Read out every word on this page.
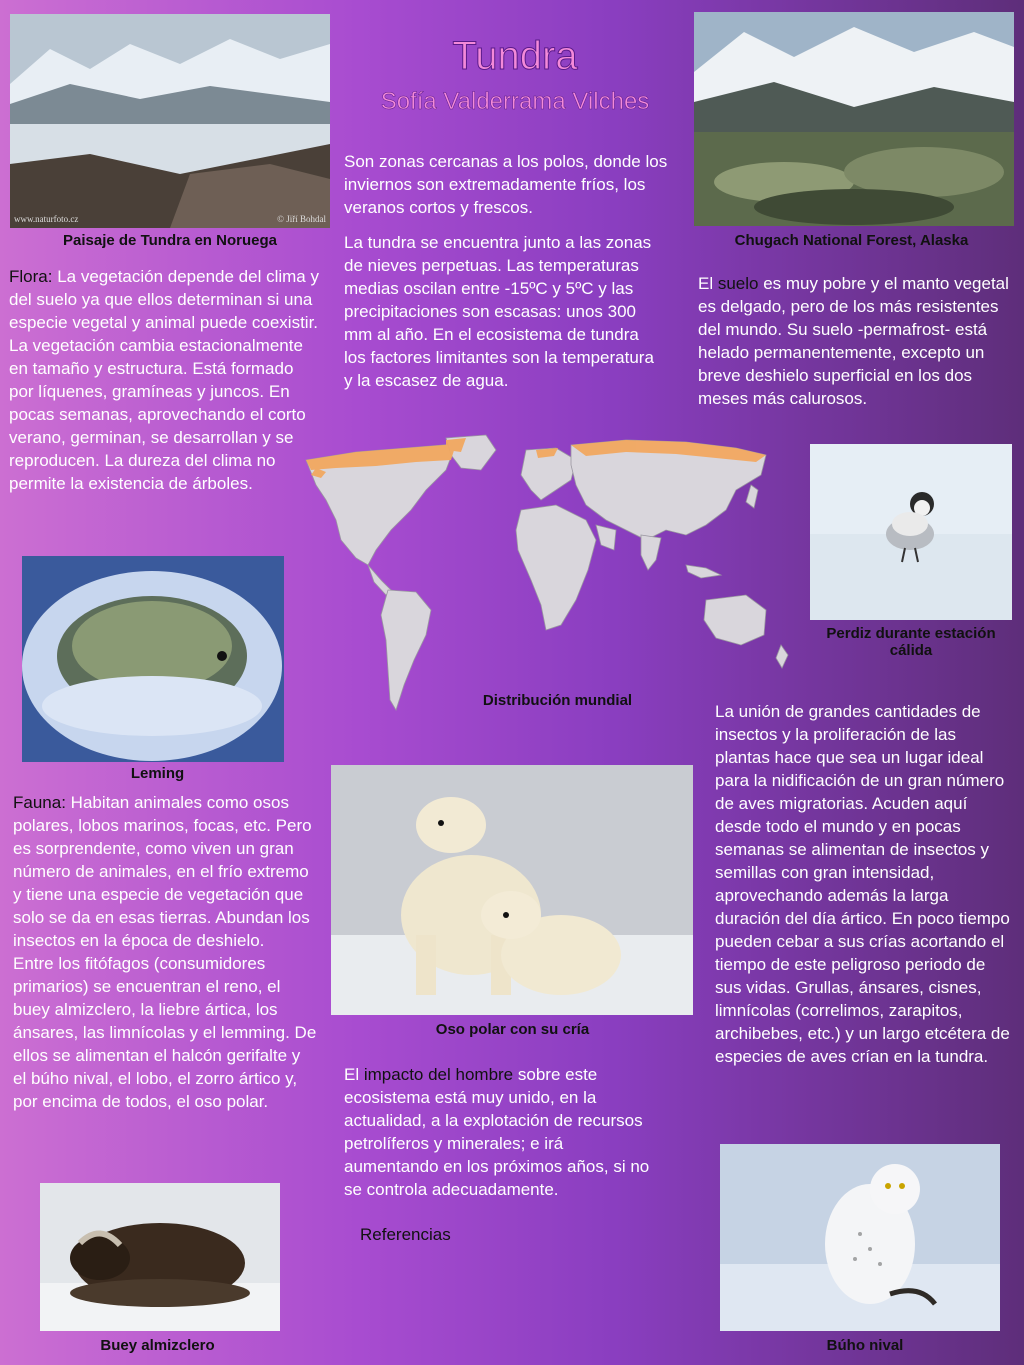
Tundra
Sofía Valderrama Vilches
www.naturfoto.cz	© Jiří Bohdal
Paisaje de Tundra en Noruega	Chugach National Forest, Alaska
Son zonas cercanas a los polos, donde los inviernos son extremadamente fríos, los veranos cortos y frescos.
La tundra se encuentra junto a las zonas de nieves perpetuas. Las temperaturas medias oscilan entre -15ºC y 5ºC y las precipitaciones son escasas: unos 300 mm al año. En el ecosistema de tundra los factores limitantes son la temperatura y la escasez de agua.
Flora: La vegetación depende del clima y del suelo ya que ellos determinan si una especie vegetal y animal puede coexistir. La vegetación cambia estacionalmente en tamaño y estructura. Está formado por líquenes, gramíneas y juncos. En pocas semanas, aprovechando el corto verano, germinan, se desarrollan y se reproducen. La dureza del clima no permite la existencia de árboles.
El suelo es muy pobre y el manto vegetal es delgado, pero de los más resistentes del mundo. Su suelo -permafrost- está helado permanentemente, excepto un breve deshielo superficial en los dos meses más calurosos.
Distribución mundial
Perdiz durante estación cálida
Leming
Fauna: Habitan animales como osos polares, lobos marinos, focas, etc. Pero es sorprendente, como viven un gran número de animales, en el frío extremo y tiene una especie de vegetación que solo se da en esas tierras. Abundan los insectos en la época de deshielo.
Entre los fitófagos (consumidores primarios) se encuentran el reno, el buey almizclero, la liebre ártica, los ánsares, las limnícolas y el lemming. De ellos se alimentan el halcón gerifalte y el búho nival, el lobo, el zorro ártico y, por encima de todos, el oso polar.
Oso polar con su cría
La unión de grandes cantidades de insectos y la proliferación de las plantas hace que sea un lugar ideal para la nidificación de un gran número de aves migratorias. Acuden aquí desde todo el mundo y en pocas semanas se alimentan de insectos y semillas con gran intensidad, aprovechando además la larga duración del día ártico. En poco tiempo pueden cebar a sus crías acortando el tiempo de este peligroso periodo de sus vidas. Grullas, ánsares, cisnes, limnícolas (correlimos, zarapitos, archibebes, etc.) y un largo etcétera de especies de aves crían en la tundra.
El impacto del hombre sobre este ecosistema está muy unido, en la actualidad, a la explotación de recursos petrolíferos y minerales; e irá aumentando en los próximos años, si no se controla adecuadamente.
Referencias
Buey almizclero	Búho nival
